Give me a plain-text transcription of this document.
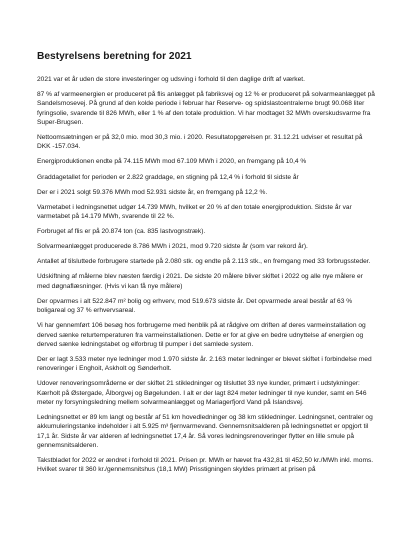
Bestyrelsens beretning for 2021

2021 var et år uden de store investeringer og udsving i forhold til den daglige drift af værket.

87 % af varmeenergien er produceret på flis anlægget på fabriksvej og 12 % er produceret på solvarmeanlægget på Sandelsmosevej. På grund af den kolde periode i februar har Reserve- og spidslastcentralerne brugt 90.068 liter fyringsolie, svarende til 826 MWh, eller 1 % af den totale produktion. Vi har modtaget 32 MWh overskudsvarme fra Super-Brugsen.

Nettoomsætningen er på 32,0 mio. mod 30,3 mio. i 2020. Resultatopgørelsen pr. 31.12.21 udviser et resultat på DKK -157.034.

Energiproduktionen endte på 74.115 MWh mod 67.109 MWh i 2020, en fremgang på 10,4 %

Graddagetallet for perioden er 2.822 graddage, en stigning på 12,4 % i forhold til sidste år

Der er i 2021 solgt 59.376 MWh mod 52.931 sidste år, en fremgang på 12,2 %.

Varmetabet i ledningsnettet udgør 14.739 MWh, hvilket er 20 % af den totale energiproduktion. Sidste år var varmetabet på 14.179 MWh, svarende til 22 %.

Forbruget af flis er på 20.874 ton (ca. 835 lastvognstræk).

Solvarmeanlægget producerede 8.786 MWh i 2021, mod 9.720 sidste år (som var rekord år).

Antallet af tilsluttede forbrugere startede på 2.080 stk. og endte på 2.113 stk., en fremgang med 33 forbrugssteder.

Udskiftning af målerne blev næsten færdig i 2021. De sidste 20 målere bliver skiftet i 2022 og alle nye målere er med døgnaflæsninger. (Hvis vi kan få nye målere)

Der opvarmes i alt 522.847 m² bolig og erhverv, mod 519.673 sidste år. Det opvarmede areal består af 63 % boligareal og 37 % erhvervsareal.

Vi har gennemført 106 besøg hos forbrugerne med henblik på at rådgive om driften af deres varmeinstallation og derved sænke returtemperaturen fra varmeinstallationen. Dette er for at give en bedre udnyttelse af energien og derved sænke ledningstabet og elforbrug til pumper i det samlede system.

Der er lagt 3.533 meter nye ledninger mod 1.970 sidste år. 2.163 meter ledninger er blevet skiftet i forbindelse med renoveringer i Enghoit, Askholt og Sønderholt.

Udover renoveringsområderne er der skiftet 21 stikledninger og tilsluttet 33 nye kunder, primært i udstykninger: Kærholt på Østergade, Ålborgvej og Bøgelunden. I alt er der lagt 824 meter ledninger til nye kunder, samt en 546 meter ny forsyningsledning mellem solvarmeanlægget og Mariagerfjord Vand på Islandsvej.

Ledningsnettet er 89 km langt og består af 51 km hovedledninger og 38 km stikledninger. Ledningsnet, centraler og akkumuleringstanke indeholder i alt 5.925 m³ fjernvarmevand. Gennemsnitsalderen på ledningsnettet er opgjort til 17,1 år. Sidste år var alderen af ledningsnettet 17,4 år. Så vores ledningsrenoveringer flytter en lille smule på gennemsnitsalderen.

Takstbladet for 2022 er ændret i forhold til 2021. Prisen pr. MWh er hævet fra 432,81 til 452,50 kr./MWh inkl. moms. Hvilket svarer til 360 kr./gennemsnitshus (18,1 MW) Prisstigningen skyldes primært at prisen på
